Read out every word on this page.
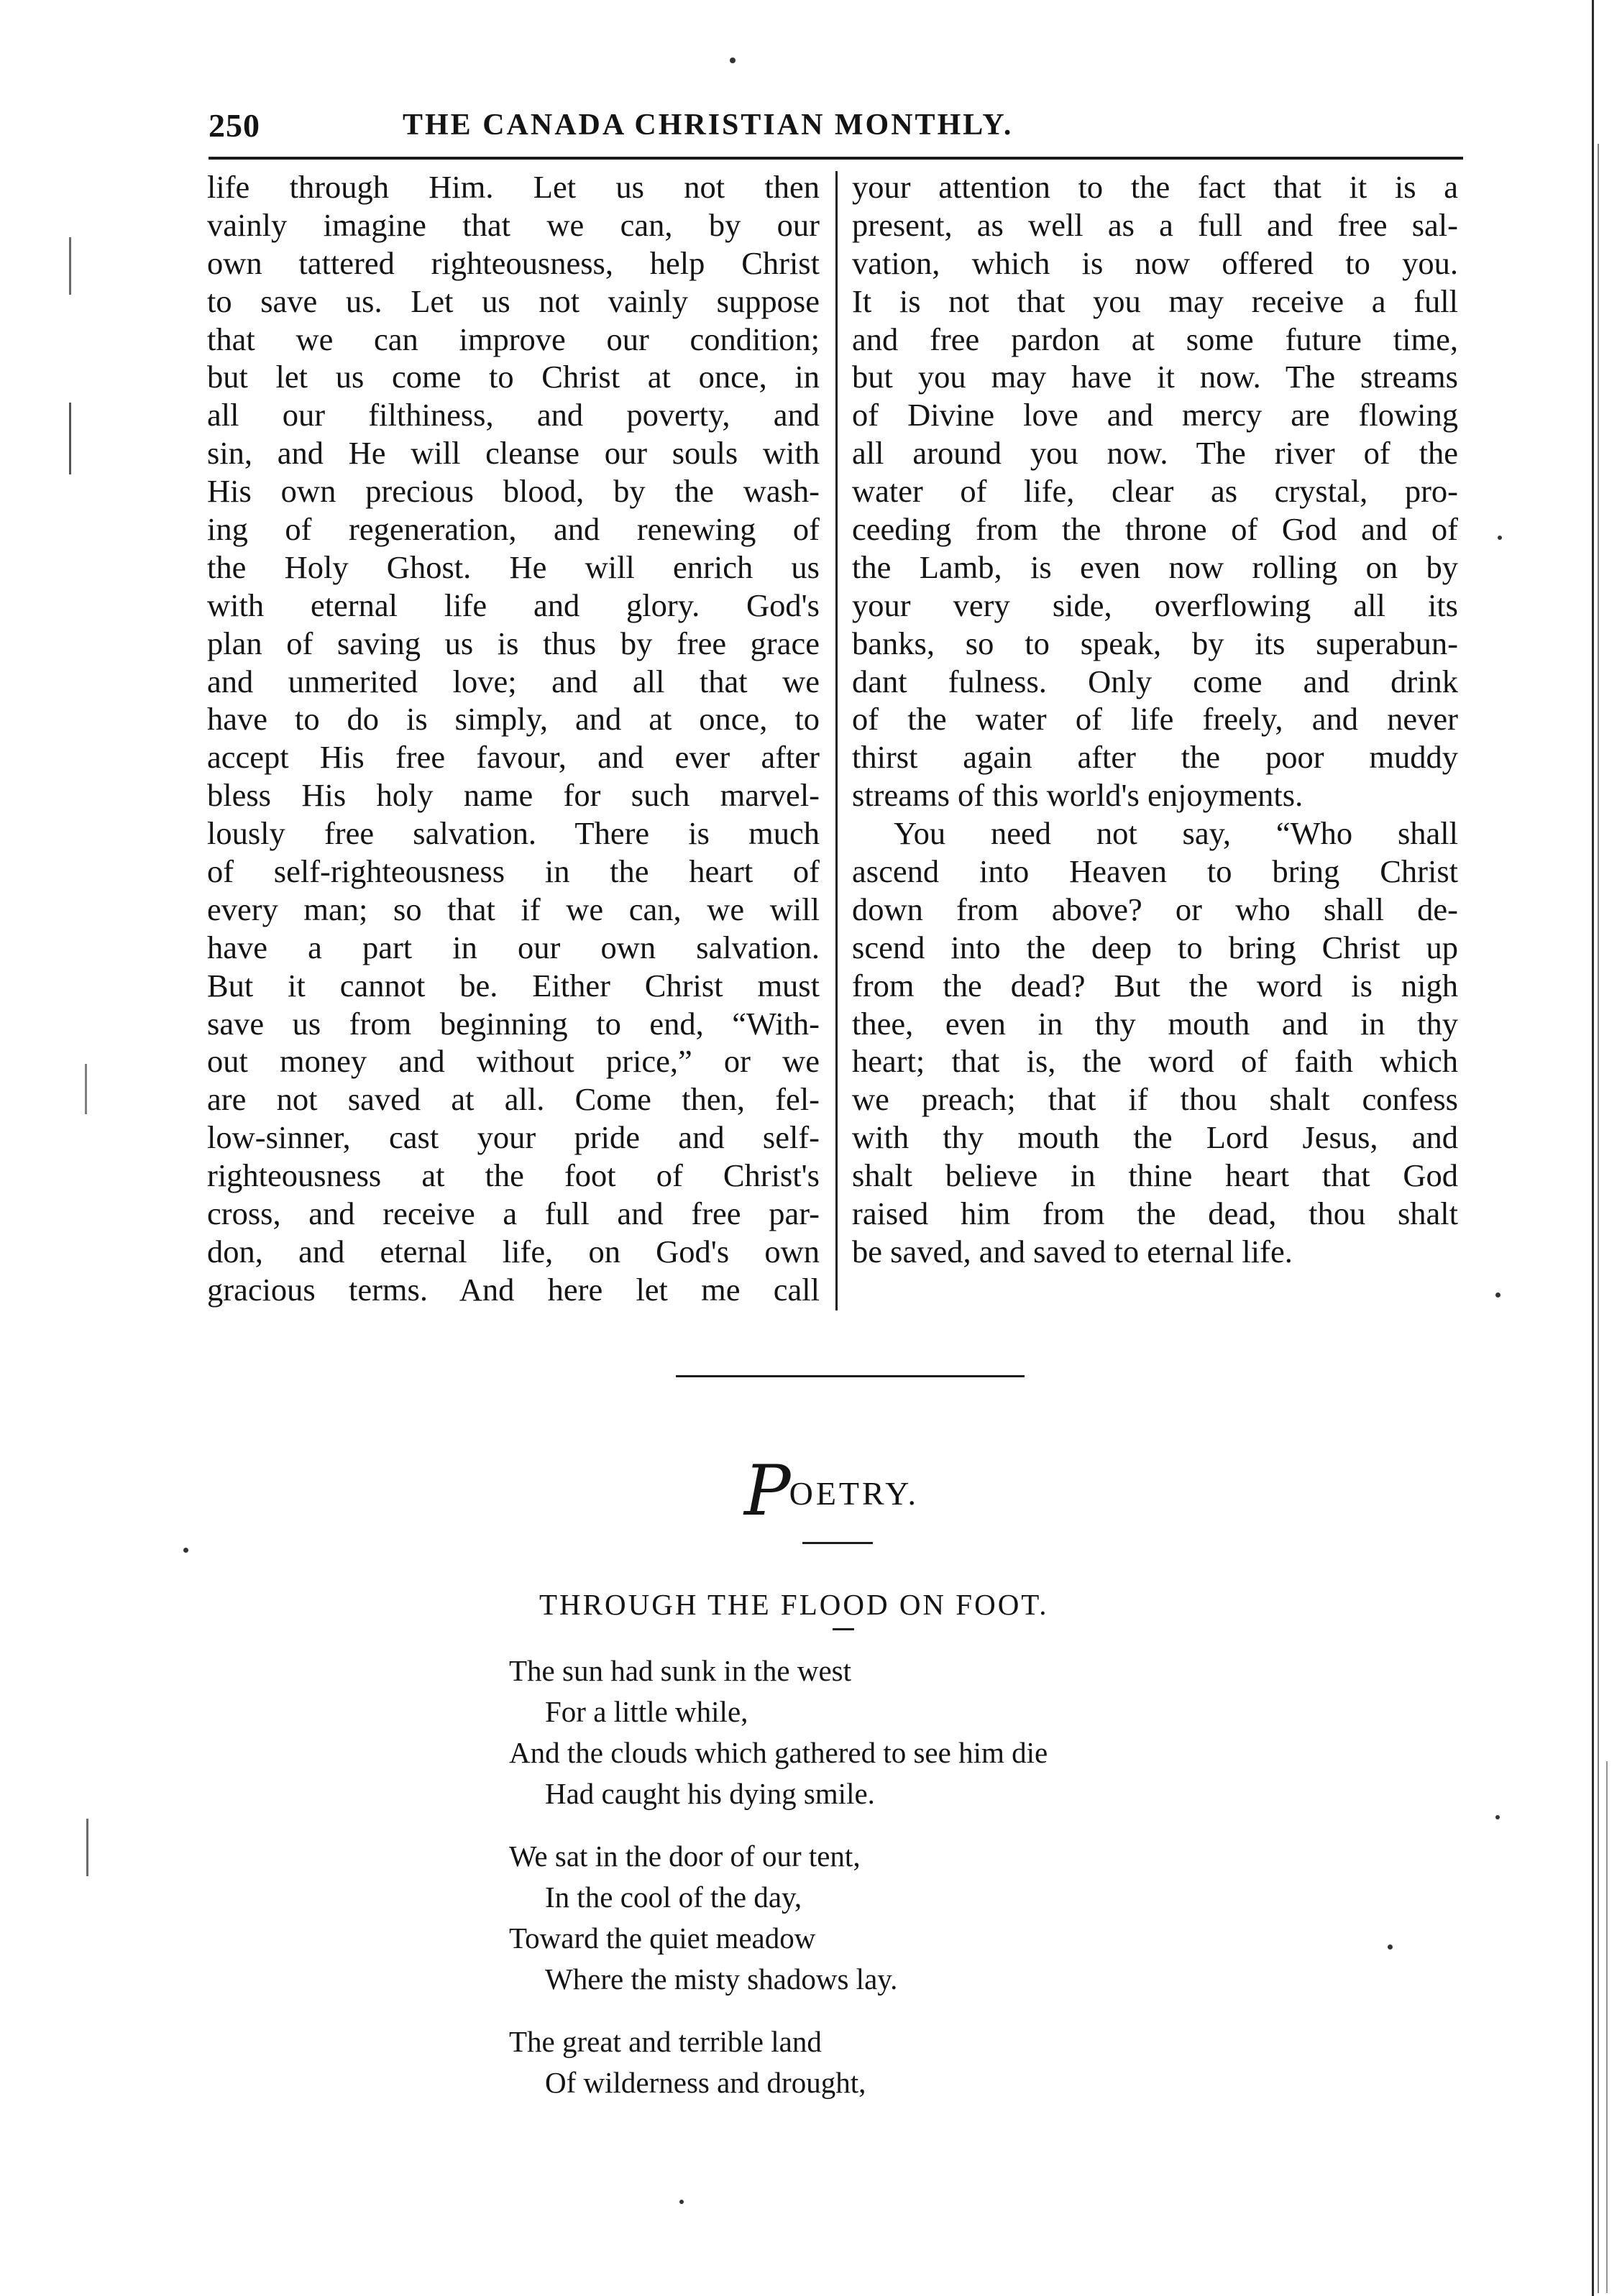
250	THE CANADA CHRISTIAN MONTHLY.
life through Him. Let us not then
vainly imagine that we can, by our
own tattered righteousness, help Christ
to save us. Let us not vainly suppose
that we can improve our condition;
but let us come to Christ at once, in
all our filthiness, and poverty, and
sin, and He will cleanse our souls with
His own precious blood, by the wash-
ing of regeneration, and renewing of
the Holy Ghost. He will enrich us
with eternal life and glory. God's
plan of saving us is thus by free grace
and unmerited love; and all that we
have to do is simply, and at once, to
accept His free favour, and ever after
bless His holy name for such marvel-
lously free salvation. There is much
of self-righteousness in the heart of
every man; so that if we can, we will
have a part in our own salvation.
But it cannot be. Either Christ must
save us from beginning to end, “With-
out money and without price,” or we
are not saved at all. Come then, fel-
low-sinner, cast your pride and self-
righteousness at the foot of Christ's
cross, and receive a full and free par-
don, and eternal life, on God's own
gracious terms. And here let me call
your attention to the fact that it is a
present, as well as a full and free sal-
vation, which is now offered to you.
It is not that you may receive a full
and free pardon at some future time,
but you may have it now. The streams
of Divine love and mercy are flowing
all around you now. The river of the
water of life, clear as crystal, pro-
ceeding from the throne of God and of
the Lamb, is even now rolling on by
your very side, overflowing all its
banks, so to speak, by its superabun-
dant fulness. Only come and drink
of the water of life freely, and never
thirst again after the poor muddy
streams of this world's enjoyments.
You need not say, “Who shall
ascend into Heaven to bring Christ
down from above? or who shall de-
scend into the deep to bring Christ up
from the dead? But the word is nigh
thee, even in thy mouth and in thy
heart; that is, the word of faith which
we preach; that if thou shalt confess
with thy mouth the Lord Jesus, and
shalt believe in thine heart that God
raised him from the dead, thou shalt
be saved, and saved to eternal life.
POETRY.
THROUGH THE FLOOD ON FOOT.
The sun had sunk in the west
For a little while,
And the clouds which gathered to see him die
Had caught his dying smile.
We sat in the door of our tent,
In the cool of the day,
Toward the quiet meadow
Where the misty shadows lay.
The great and terrible land
Of wilderness and drought,
